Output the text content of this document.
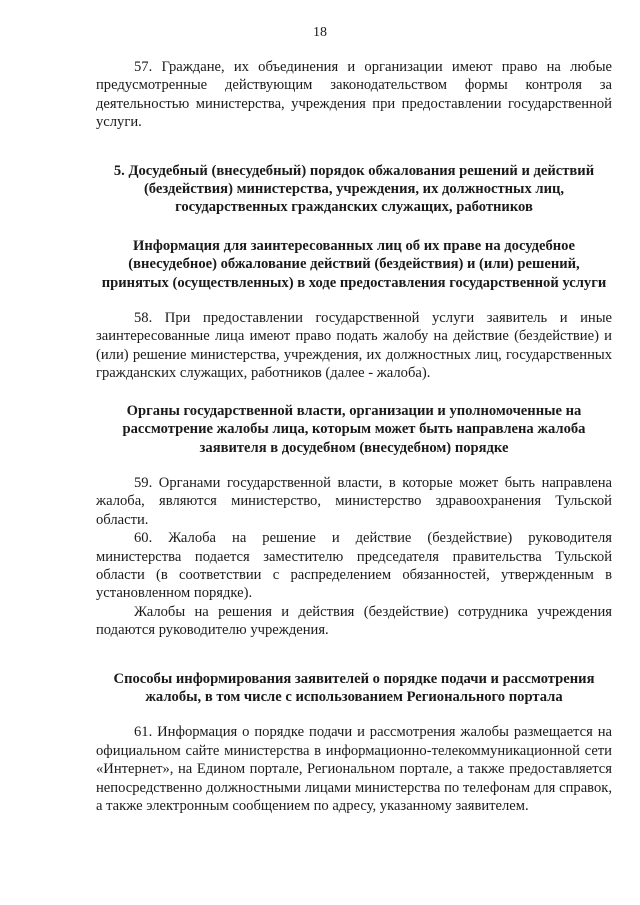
18

57. Граждане, их объединения и организации имеют право на любые предусмотренные действующим законодательством формы контроля за деятельностью министерства, учреждения при предоставлении государственной услуги.

5. Досудебный (внесудебный) порядок обжалования решений и действий (бездействия) министерства, учреждения, их должностных лиц, государственных гражданских служащих, работников

Информация для заинтересованных лиц об их праве на досудебное (внесудебное) обжалование действий (бездействия) и (или) решений, принятых (осуществленных) в ходе предоставления государственной услуги

58. При предоставлении государственной услуги заявитель и иные заинтересованные лица имеют право подать жалобу на действие (бездействие) и (или) решение министерства, учреждения, их должностных лиц, государственных гражданских служащих, работников (далее - жалоба).

Органы государственной власти, организации и уполномоченные на рассмотрение жалобы лица, которым может быть направлена жалоба заявителя в досудебном (внесудебном) порядке

59. Органами государственной власти, в которые может быть направлена жалоба, являются министерство, министерство здравоохранения Тульской области.

60. Жалоба на решение и действие (бездействие) руководителя министерства подается заместителю председателя правительства Тульской области (в соответствии с распределением обязанностей, утвержденным в установленном порядке).

Жалобы на решения и действия (бездействие) сотрудника учреждения подаются руководителю учреждения.

Способы информирования заявителей о порядке подачи и рассмотрения жалобы, в том числе с использованием Регионального портала

61. Информация о порядке подачи и рассмотрения жалобы размещается на официальном сайте министерства в информационно-телекоммуникационной сети «Интернет», на Едином портале, Региональном портале, а также предоставляется непосредственно должностными лицами министерства по телефонам для справок, а также электронным сообщением по адресу, указанному заявителем.
